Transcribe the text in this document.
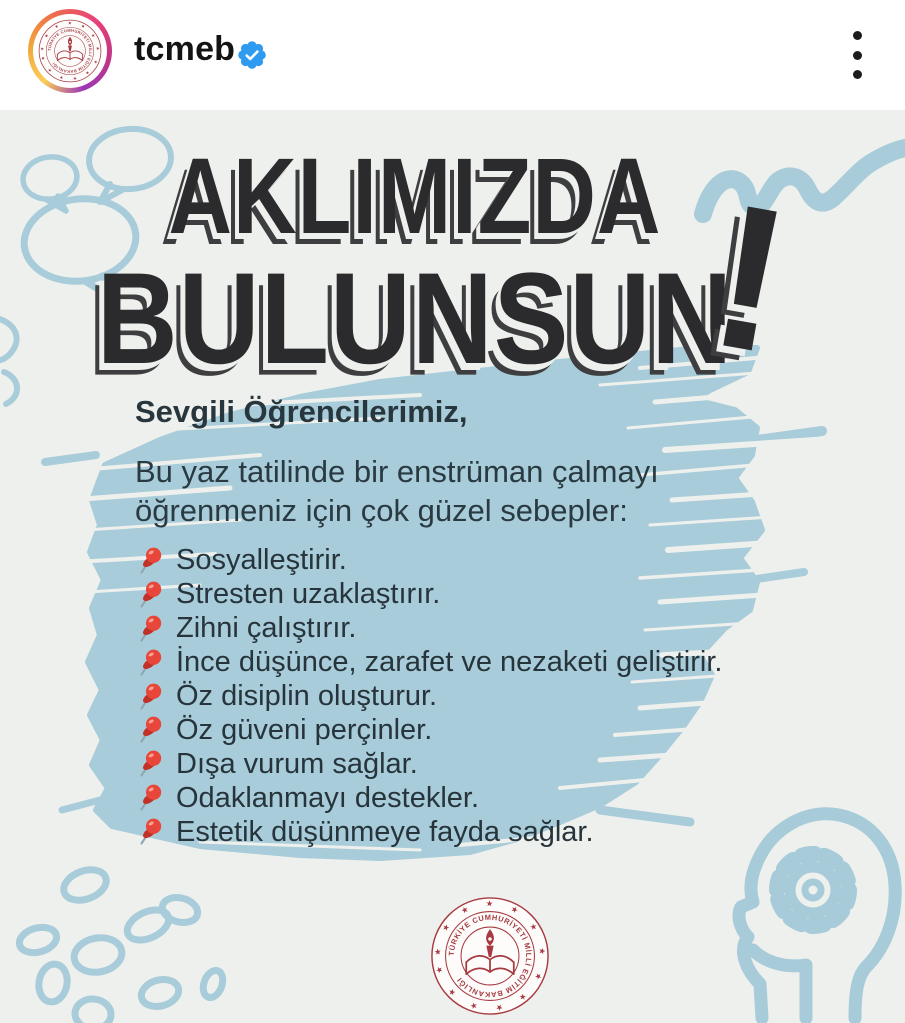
tcmeb
AKLIMIZDA
BULUNSUN
!
Sevgili Öğrencilerimiz,
Bu yaz tatilinde bir enstrüman çalmayı
öğrenmeniz için çok güzel sebepler:
Sosyalleştirir.
Stresten uzaklaştırır.
Zihni çalıştırır.
İnce düşünce, zarafet ve nezaketi geliştirir.
Öz disiplin oluşturur.
Öz güveni perçinler.
Dışa vurum sağlar.
Odaklanmayı destekler.
Estetik düşünmeye fayda sağlar.
